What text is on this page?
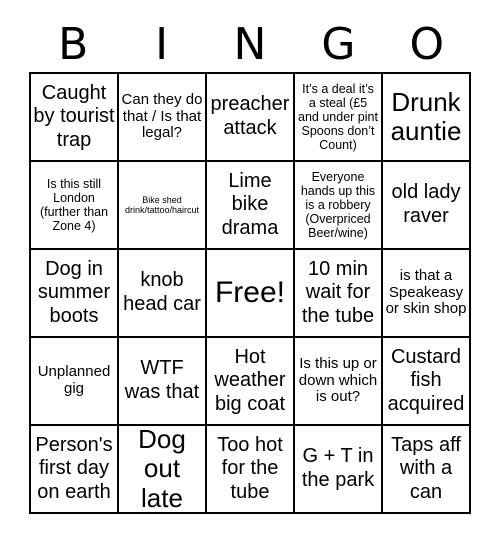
B	I	N	G	O
Caught by tourist trap
Can they do that / Is that legal?
preacher attack
It’s a deal it’s a steal (£5 and under pint Spoons don’t Count)
Drunk auntie
Is this still London (further than Zone 4)
Bike shed drink/tattoo/haircut
Lime bike drama
Everyone hands up this is a robbery (Overpriced Beer/wine)
old lady raver
Dog in summer boots
knob head car Free!
10 min wait for the tube
is that a Speakeasy or skin shop
Unplanned gig
WTF was that
Hot weather big coat
Is this up or down which is out?
Custard fish acquired
Person's first day on earth
Dog out late
Too hot for the tube
G + T in the park
Taps aff with a can
